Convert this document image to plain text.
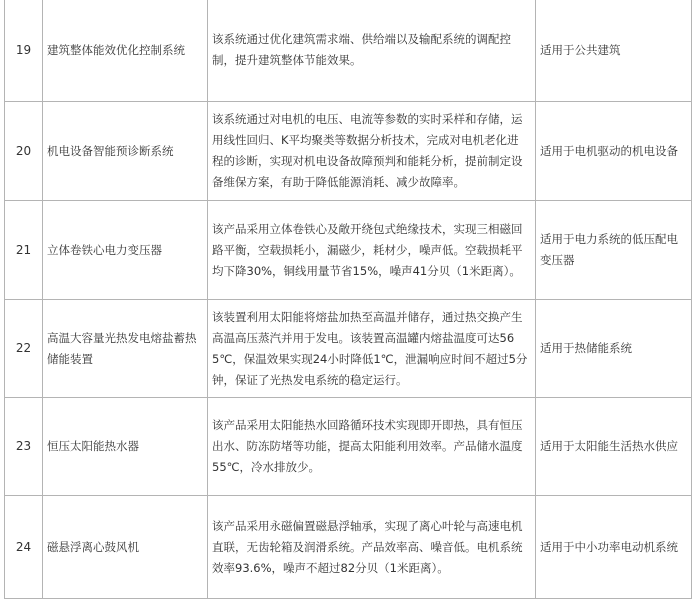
19	建筑整体能效优化控制系统	该系统通过优化建筑需求端、供给端以及输配系统的调配控制，提升建筑整体节能效果。	适用于公共建筑

20	机电设备智能预诊断系统	该系统通过对电机的电压、电流等参数的实时采样和存储，运用线性回归、K平均聚类等数据分析技术，完成对电机老化进程的诊断，实现对机电设备故障预判和能耗分析，提前制定设备维保方案，有助于降低能源消耗、减少故障率。	适用于电机驱动的机电设备

21	立体卷铁心电力变压器	该产品采用立体卷铁心及敞开绕包式绝缘技术，实现三相磁回路平衡，空载损耗小，漏磁少，耗材少，噪声低。空载损耗平均下降30%，铜线用量节省15%，噪声41分贝（1米距离）。	适用于电力系统的低压配电变压器

22	高温大容量光热发电熔盐蓄热储能装置	该装置利用太阳能将熔盐加热至高温并储存，通过热交换产生高温高压蒸汽并用于发电。该装置高温罐内熔盐温度可达565℃，保温效果实现24小时降低1℃，泄漏响应时间不超过5分钟，保证了光热发电系统的稳定运行。	适用于热储能系统

23	恒压太阳能热水器	该产品采用太阳能热水回路循环技术实现即开即热，具有恒压出水、防冻防堵等功能，提高太阳能利用效率。产品储水温度55℃，冷水排放少。	适用于太阳能生活热水供应

24	磁悬浮离心鼓风机	该产品采用永磁偏置磁悬浮轴承，实现了离心叶轮与高速电机直联，无齿轮箱及润滑系统。产品效率高、噪音低。电机系统效率93.6%，噪声不超过82分贝（1米距离）。	适用于中小功率电动机系统
